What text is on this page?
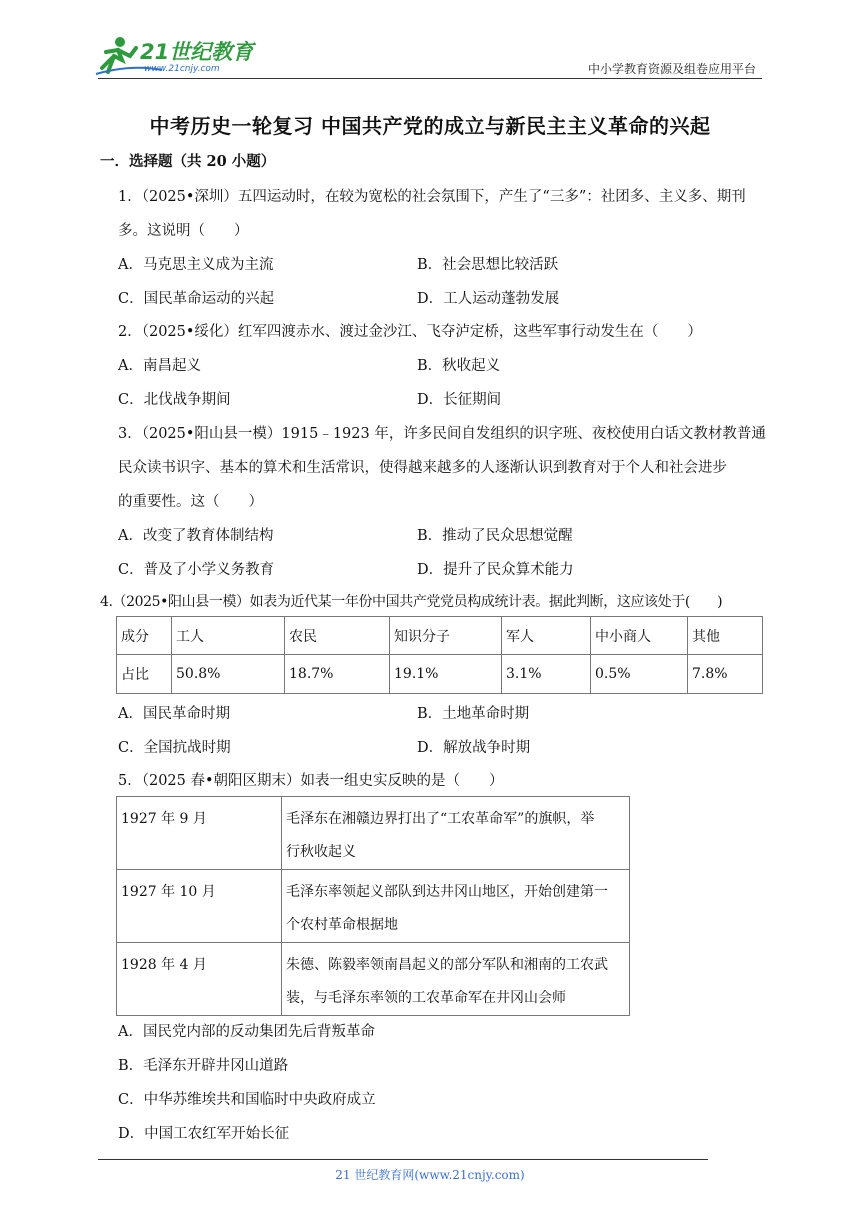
21世纪教育
www.21cnjy.com	中小学教育资源及组卷应用平台
中考历史一轮复习 中国共产党的成立与新民主主义革命的兴起
一．选择题（共 20 小题）
1．（2025•深圳）五四运动时，在较为宽松的社会氛围下，产生了“三多”：社团多、主义多、期刊
多。这说明（　　）
A．马克思主义成为主流	B．社会思想比较活跃
C．国民革命运动的兴起	D．工人运动蓬勃发展
2．（2025•绥化）红军四渡赤水、渡过金沙江、飞夺泸定桥，这些军事行动发生在（　　）
A．南昌起义	B．秋收起义
C．北伐战争期间	D．长征期间
3．（2025•阳山县一模）1915﹣1923 年，许多民间自发组织的识字班、夜校使用白话文教材教普通
民众读书识字、基本的算术和生活常识，使得越来越多的人逐渐认识到教育对于个人和社会进步
的重要性。这（　　）
A．改变了教育体制结构	B．推动了民众思想觉醒
C．普及了小学义务教育	D．提升了民众算术能力
4.（2025•阳山县一模）如表为近代某一年份中国共产党党员构成统计表。据此判断，这应该处于(　　)
成分	工人	农民	知识分子	军人	中小商人	其他
占比	50.8%	18.7%	19.1%	3.1%	0.5%	7.8%
A．国民革命时期	B．土地革命时期
C．全国抗战时期	D．解放战争时期
5．（2025 春•朝阳区期末）如表一组史实反映的是（　　）
1927 年 9 月	毛泽东在湘赣边界打出了“工农革命军”的旗帜，举
行秋收起义
1927 年 10 月	毛泽东率领起义部队到达井冈山地区，开始创建第一
个农村革命根据地
1928 年 4 月	朱德、陈毅率领南昌起义的部分军队和湘南的工农武
装，与毛泽东率领的工农革命军在井冈山会师
A．国民党内部的反动集团先后背叛革命
B．毛泽东开辟井冈山道路
C．中华苏维埃共和国临时中央政府成立
D．中国工农红军开始长征
21 世纪教育网(www.21cnjy.com)
